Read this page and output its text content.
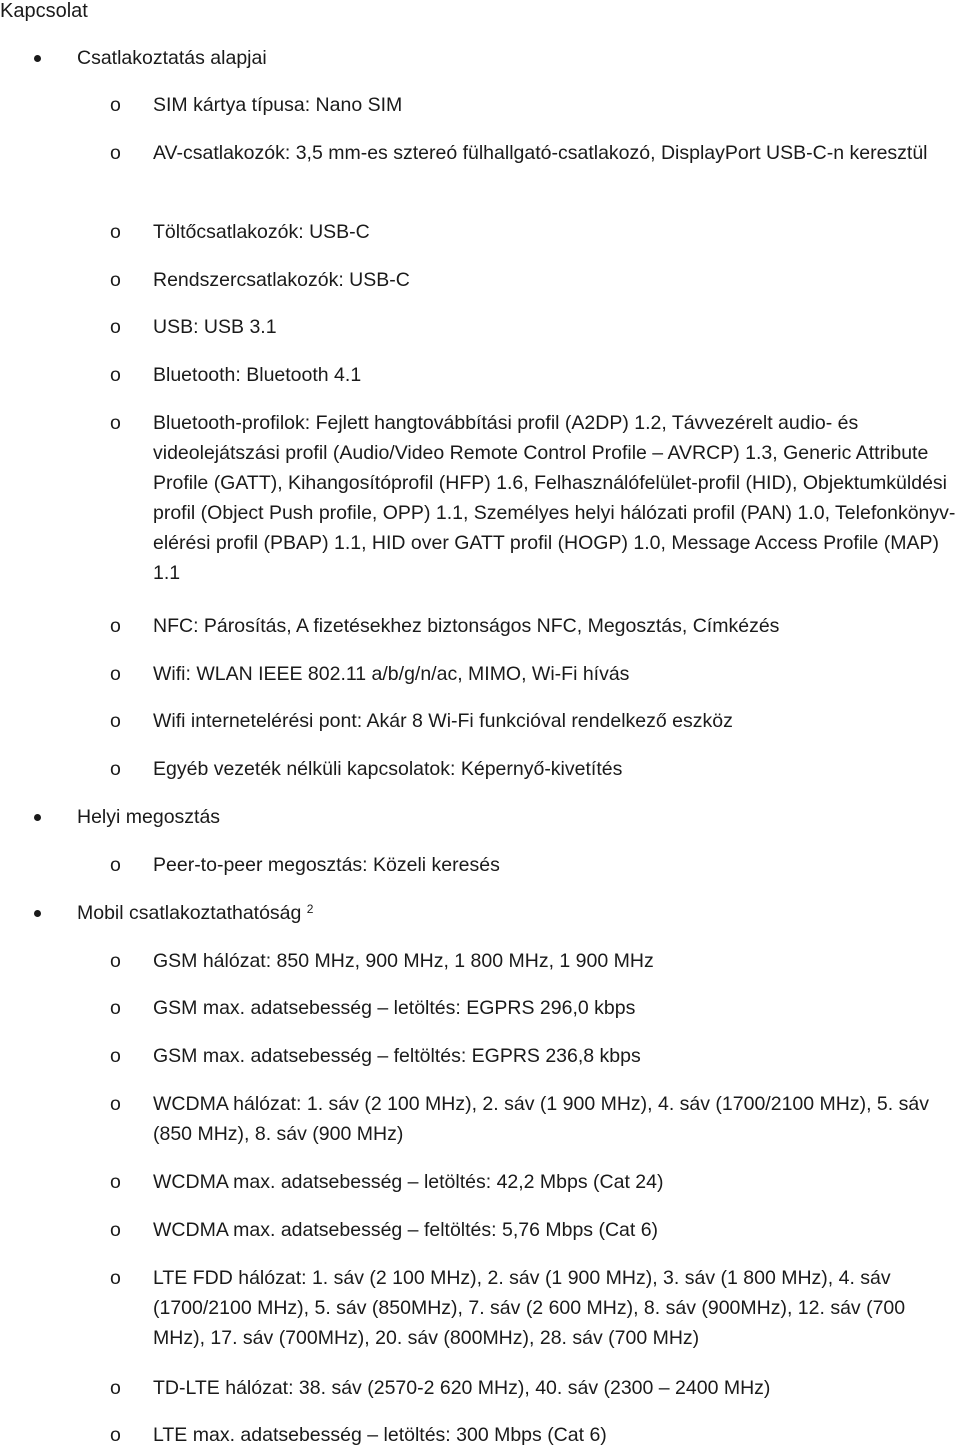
Kapcsolat
Csatlakoztatás alapjai
o SIM kártya típusa: Nano SIM
o AV-csatlakozók: 3,5 mm-es sztereó fülhallgató-csatlakozó, DisplayPort USB-C-n keresztül
o Töltőcsatlakozók: USB-C
o Rendszercsatlakozók: USB-C
o USB: USB 3.1
o Bluetooth: Bluetooth 4.1
o Bluetooth-profilok: Fejlett hangtovábbítási profil (A2DP) 1.2, Távvezérelt audio- és videolejátszási profil (Audio/Video Remote Control Profile – AVRCP) 1.3, Generic Attribute Profile (GATT), Kihangosítóprofil (HFP) 1.6, Felhasználófelület-profil (HID), Objektumküldési profil (Object Push profile, OPP) 1.1, Személyes helyi hálózati profil (PAN) 1.0, Telefonkönyv-elérési profil (PBAP) 1.1, HID over GATT profil (HOGP) 1.0, Message Access Profile (MAP) 1.1
o NFC: Párosítás, A fizetésekhez biztonságos NFC, Megosztás, Címkézés
o Wifi: WLAN IEEE 802.11 a/b/g/n/ac, MIMO, Wi-Fi hívás
o Wifi internetelérési pont: Akár 8 Wi-Fi funkcióval rendelkező eszköz
o Egyéb vezeték nélküli kapcsolatok: Képernyő-kivetítés
Helyi megosztás
o Peer-to-peer megosztás: Közeli keresés
Mobil csatlakoztathatóság $^2$
o GSM hálózat: 850 MHz, 900 MHz, 1 800 MHz, 1 900 MHz
o GSM max. adatsebesség – letöltés: EGPRS 296,0 kbps
o GSM max. adatsebesség – feltöltés: EGPRS 236,8 kbps
o WCDMA hálózat: 1. sáv (2 100 MHz), 2. sáv (1 900 MHz), 4. sáv (1700/2100 MHz), 5. sáv (850 MHz), 8. sáv (900 MHz)
o WCDMA max. adatsebesség – letöltés: 42,2 Mbps (Cat 24)
o WCDMA max. adatsebesség – feltöltés: 5,76 Mbps (Cat 6)
o LTE FDD hálózat: 1. sáv (2 100 MHz), 2. sáv (1 900 MHz), 3. sáv (1 800 MHz), 4. sáv (1700/2100 MHz), 5. sáv (850MHz), 7. sáv (2 600 MHz), 8. sáv (900MHz), 12. sáv (700 MHz), 17. sáv (700MHz), 20. sáv (800MHz), 28. sáv (700 MHz)
o TD-LTE hálózat: 38. sáv (2570-2 620 MHz), 40. sáv (2300 – 2400 MHz)
o LTE max. adatsebesség – letöltés: 300 Mbps (Cat 6)
